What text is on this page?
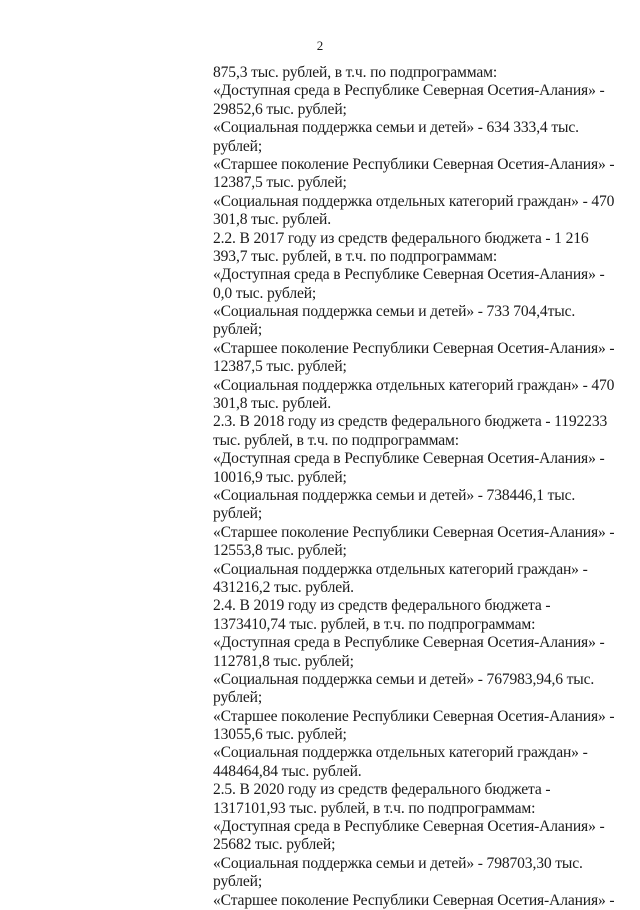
2
875,3 тыс. рублей, в т.ч. по подпрограммам:
«Доступная среда в Республике Северная Осетия-Алания» -
29852,6 тыс. рублей;
«Социальная поддержка семьи и детей» - 634 333,4 тыс.
рублей;
«Старшее поколение Республики Северная Осетия-Алания» -
12387,5 тыс. рублей;
«Социальная поддержка отдельных категорий граждан» - 470
301,8 тыс. рублей.
2.2. В 2017 году из средств федерального бюджета - 1 216
393,7 тыс. рублей, в т.ч. по подпрограммам:
«Доступная среда в Республике Северная Осетия-Алания» -
0,0 тыс. рублей;
«Социальная поддержка семьи и детей» - 733 704,4тыс.
рублей;
«Старшее поколение Республики Северная Осетия-Алания» -
12387,5 тыс. рублей;
«Социальная поддержка отдельных категорий граждан» - 470
301,8 тыс. рублей.
2.3. В 2018 году из средств федерального бюджета - 1192233
тыс. рублей, в т.ч. по подпрограммам:
«Доступная среда в Республике Северная Осетия-Алания» -
10016,9 тыс. рублей;
«Социальная поддержка семьи и детей» - 738446,1 тыс.
рублей;
«Старшее поколение Республики Северная Осетия-Алания» -
12553,8 тыс. рублей;
«Социальная поддержка отдельных категорий граждан» -
431216,2 тыс. рублей.
2.4. В 2019 году из средств федерального бюджета -
1373410,74 тыс. рублей, в т.ч. по подпрограммам:
«Доступная среда в Республике Северная Осетия-Алания» -
112781,8 тыс. рублей;
«Социальная поддержка семьи и детей» - 767983,94,6 тыс.
рублей;
«Старшее поколение Республики Северная Осетия-Алания» -
13055,6 тыс. рублей;
«Социальная поддержка отдельных категорий граждан» -
448464,84 тыс. рублей.
2.5. В 2020 году из средств федерального бюджета -
1317101,93 тыс. рублей, в т.ч. по подпрограммам:
«Доступная среда в Республике Северная Осетия-Алания» -
25682 тыс. рублей;
«Социальная поддержка семьи и детей» - 798703,30 тыс.
рублей;
«Старшее поколение Республики Северная Осетия-Алания» -
